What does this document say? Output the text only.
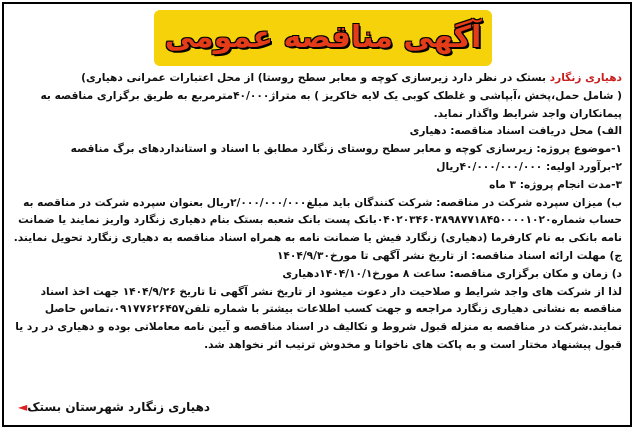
آگهی مناقصه عمومی

دهیاری زنگارد بستک در نظر دارد زیرسازی کوچه و معابر سطح روستا) از محل اعتبارات عمرانی دهیاری)

( شامل حمل،پخش ،آبپاشی و غلطک کوبی یک لایه خاکریز ) به متراژ۴۰/۰۰۰مترمربع به طریق برگزاری مناقصه به

پیمانکاران واجد شرایط واگذار نماید.

الف) محل دریافت اسناد مناقصه: دهیاری

۱-موضوع پروژه: زیرسازی کوچه و معابر سطح روستای زنگارد مطابق با اسناد و استانداردهای برگ مناقصه

۲-برآورد اولیه: ۴۰/۰۰۰/۰۰۰/۰۰۰ریال

۳-مدت انجام پروژه: ۳ ماه

ب) میزان سپرده شرکت در مناقصه: شرکت کنندگان باید مبلغ۲/۰۰۰/۰۰۰/۰۰۰ریال بعنوان سپرده شرکت در مناقصه به

حساب شماره۰۴۰۲۰۳۴۶۰۳۸۹۸۷۷۱۸۴۵۰۰۰۰۱۰۲۰بانک پست بانک شعبه بستک بنام دهیاری زنگارد واریز نمایند یا ضمانت

نامه بانکی به نام کارفرما (دهیاری) زنگارد فیش یا ضمانت نامه به همراه اسناد مناقصه به دهیاری زنگارد تحویل نمایند.

ج) مهلت ارائه اسناد مناقصه: از تاریخ نشر آگهی تا مورخ۱۴۰۴/۹/۳۰

د) زمان و مکان برگزاری مناقصه: ساعت ۸ مورخ۱۴۰۴/۱۰/۱دهیاری

لذا از شرکت های واجد شرایط و صلاحیت دار دعوت میشود از تاریخ نشر آگهی تا تاریخ ۱۴۰۴/۹/۲۶ جهت اخذ اسناد

مناقصه به نشانی دهیاری زنگارد مراجعه و جهت کسب اطلاعات بیشتر با شماره تلفن۰۹۱۷۷۶۲۶۴۵۷،تماس حاصل

نمایند.شرکت در مناقصه به منزله قبول شروط و تکالیف در اسناد مناقصه و آیین نامه معاملاتی بوده و دهیاری در رد یا

قبول پیشنهاد مختار است و به پاکت های ناخوانا و مخدوش ترتیب اثر نخواهد شد.

دهیاری زنگارد شهرستان بستک◄
